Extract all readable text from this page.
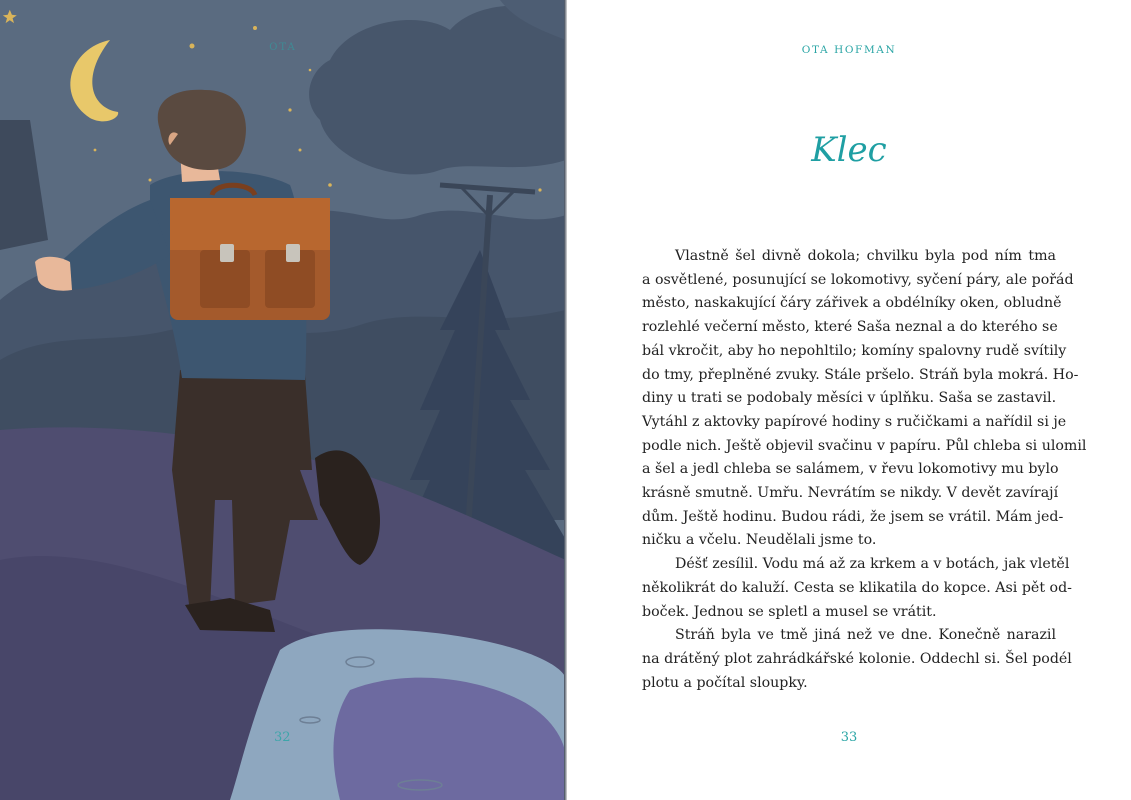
OTA
32
OTA HOFMAN
Klec

Vlastně šel divně dokola; chvilku byla pod ním tma
a osvětlené, posunující se lokomotivy, syčení páry, ale pořád
město, naskakující čáry zářivek a obdélníky oken, obludně
rozlehlé večerní město, které Saša neznal a do kterého se
bál vkročit, aby ho nepohltilo; komíny spalovny rudě svítily
do tmy, přeplněné zvuky. Stále pršelo. Stráň byla mokrá. Ho-
diny u trati se podobaly měsíci v úplňku. Saša se zastavil.
Vytáhl z aktovky papírové hodiny s ručičkami a nařídil si je
podle nich. Ještě objevil svačinu v papíru. Půl chleba si ulomil
a šel a jedl chleba se salámem, v řevu lokomotivy mu bylo
krásně smutně. Umřu. Nevrátím se nikdy. V devět zavírají
dům. Ještě hodinu. Budou rádi, že jsem se vrátil. Mám jed-
ničku a včelu. Neudělali jsme to.

Déšť zesílil. Vodu má až za krkem a v botách, jak vletěl
několikrát do kaluží. Cesta se klikatila do kopce. Asi pět od-
boček. Jednou se spletl a musel se vrátit.

Stráň byla ve tmě jiná než ve dne. Konečně narazil
na drátěný plot zahrádkářské kolonie. Oddechl si. Šel podél
plotu a počítal sloupky.

33
